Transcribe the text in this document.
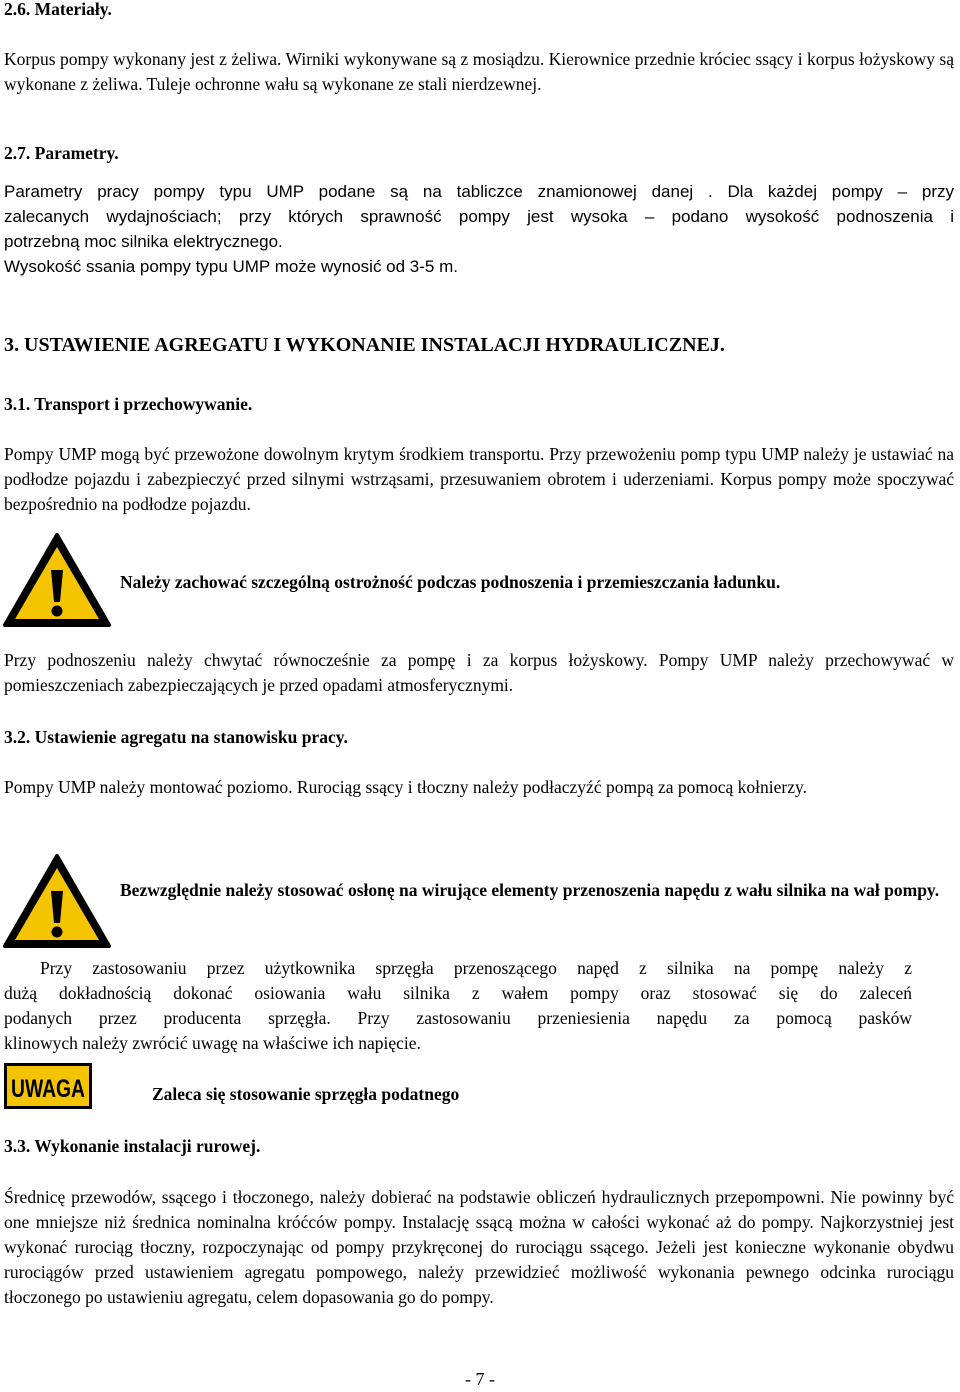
2.6. Materiały.

Korpus pompy wykonany jest z żeliwa. Wirniki wykonywane są z mosiądzu. Kierownice przednie króciec ssący i korpus łożyskowy są wykonane z żeliwa. Tuleje ochronne wału są wykonane ze stali nierdzewnej.

2.7. Parametry.
Parametry pracy pompy typu UMP podane są na tabliczce znamionowej danej . Dla każdej pompy – przy
zalecanych wydajnościach; przy których sprawność pompy jest wysoka – podano wysokość podnoszenia i
potrzebną moc silnika elektrycznego.
Wysokość ssania pompy typu UMP może wynosić od 3-5 m.
3. USTAWIENIE AGREGATU I WYKONANIE INSTALACJI HYDRAULICZNEJ.
3.1. Transport i przechowywanie.

Pompy UMP mogą być przewożone dowolnym krytym środkiem transportu. Przy przewożeniu pomp typu UMP należy je ustawiać na podłodze pojazdu i zabezpieczyć przed silnymi wstrząsami, przesuwaniem obrotem i uderzeniami. Korpus pompy może spoczywać bezpośrednio na podłodze pojazdu.

Należy zachować szczególną ostrożność podczas podnoszenia i przemieszczania ładunku.

Przy podnoszeniu należy chwytać równocześnie za pompę i za korpus łożyskowy. Pompy UMP należy przechowywać w pomieszczeniach zabezpieczających je przed opadami atmosferycznymi.

3.2. Ustawienie agregatu na stanowisku pracy.

Pompy UMP należy montować poziomo. Rurociąg ssący i tłoczny należy podłaczyźć pompą za pomocą kołnierzy.

Bezwzględnie należy stosować osłonę na wirujące elementy przenoszenia napędu z wału silnika na wał pompy.

Przy zastosowaniu przez użytkownika sprzęgła przenoszącego napęd z silnika na pompę należy z
dużą dokładnością dokonać osiowania wału silnika z wałem pompy oraz stosować się do zaleceń
podanych przez producenta sprzęgła. Przy zastosowaniu przeniesienia napędu za pomocą pasków
klinowych należy zwrócić uwagę na właściwe ich napięcie.
UWAGA	Zaleca się stosowanie sprzęgła podatnego
3.3. Wykonanie instalacji rurowej.

Średnicę przewodów, ssącego i tłoczonego, należy dobierać na podstawie obliczeń hydraulicznych przepompowni. Nie powinny być one mniejsze niż średnica nominalna króćców pompy. Instalację ssącą można w całości wykonać aż do pompy. Najkorzystniej jest wykonać rurociąg tłoczny, rozpoczynając od pompy przykręconej do rurociągu ssącego. Jeżeli jest konieczne wykonanie obydwu rurociągów przed ustawieniem agregatu pompowego, należy przewidzieć możliwość wykonania pewnego odcinka rurociągu tłoczonego po ustawieniu agregatu, celem dopasowania go do pompy.

- 7 -
